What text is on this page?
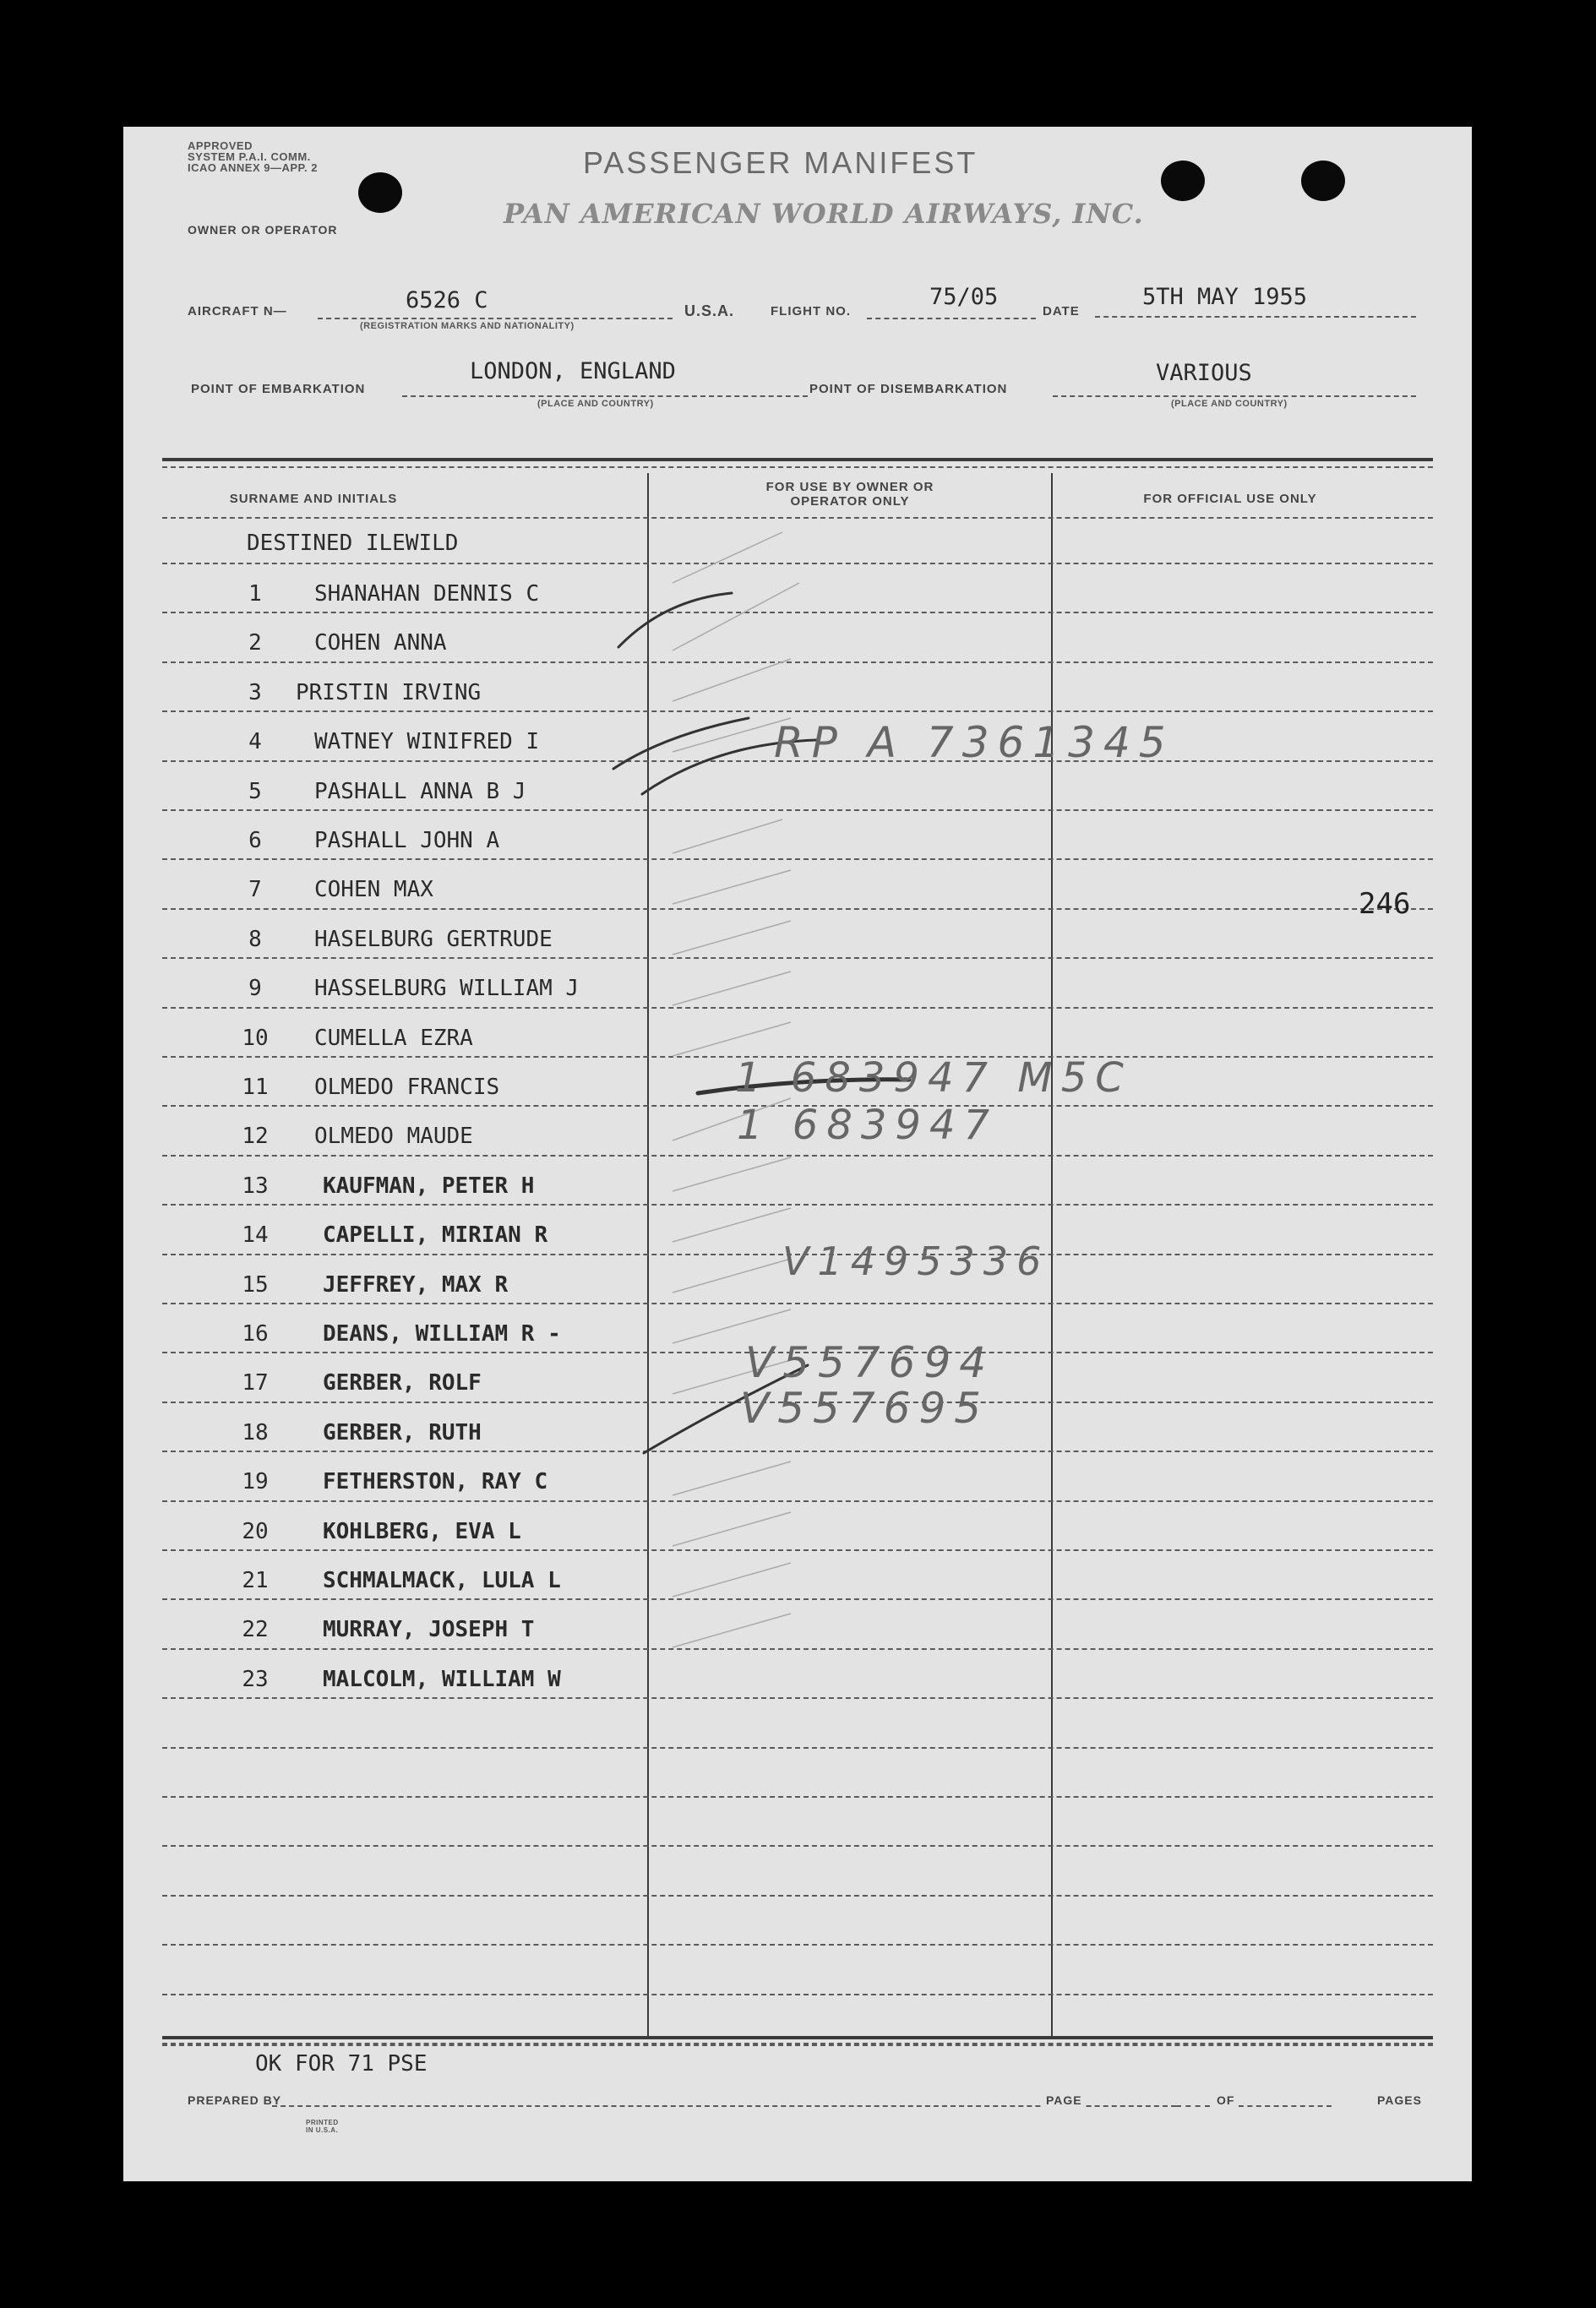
APPROVED
SYSTEM P.A.I. COMM.
ICAO ANNEX 9—APP. 2
OWNER OR OPERATOR
PASSENGER MANIFEST
PAN AMERICAN WORLD AIRWAYS, INC.
AIRCRAFT N—	6526 C
(REGISTRATION MARKS AND NATIONALITY)
U.S.A.	FLIGHT NO.
75/05
DATE
5TH MAY 1955
POINT OF EMBARKATION
LONDON, ENGLAND
(PLACE AND COUNTRY)
POINT OF DISEMBARKATION
VARIOUS
(PLACE AND COUNTRY)
SURNAME AND INITIALS
FOR USE BY OWNER OR OPERATOR ONLY	FOR OFFICIAL USE ONLY
DESTINED ILEWILD
1	SHANAHAN DENNIS C
2	COHEN ANNA
3	PRISTIN IRVING
4	WATNEY WINIFRED I
5	PASHALL ANNA B J
6	PASHALL JOHN A
7	COHEN MAX
8	HASELBURG GERTRUDE
9	HASSELBURG WILLIAM J
10	CUMELLA EZRA
11	OLMEDO FRANCIS
12	OLMEDO MAUDE
13	KAUFMAN, PETER H
14	CAPELLI, MIRIAN R
15	JEFFREY, MAX R
16	DEANS, WILLIAM R -
17	GERBER, ROLF
18	GERBER, RUTH
19	FETHERSTON, RAY C
20	KOHLBERG, EVA L
21	SCHMALMACK, LULA L
22	MURRAY, JOSEPH T
23	MALCOLM, WILLIAM W
RP A 7361345
1 683947 M5C
1 683947
V1495336
V557694
V557695
246
OK FOR 71 PSE
PREPARED BY	PAGE	OF	PAGES
PRINTED IN U.S.A.
